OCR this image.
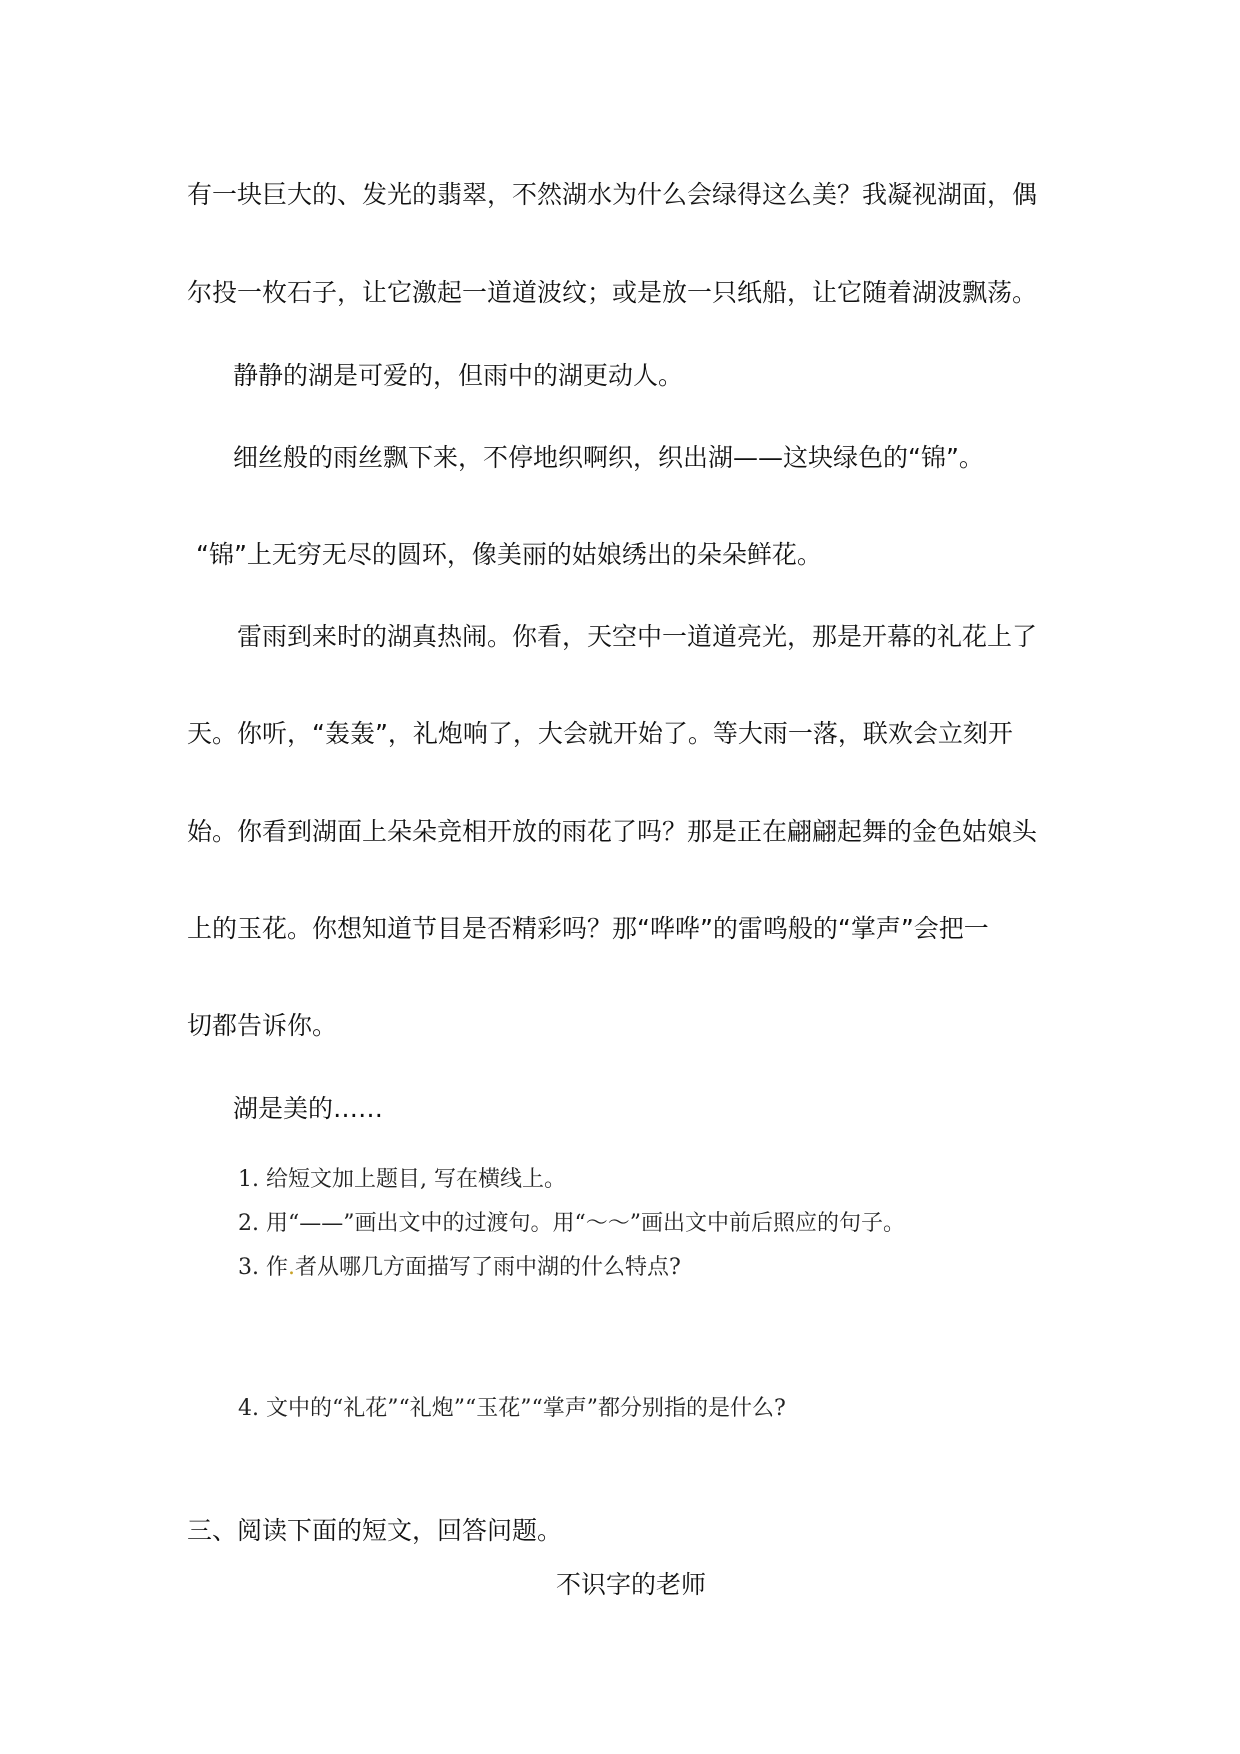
有一块巨大的、发光的翡翠，不然湖水为什么会绿得这么美？我凝视湖面，偶
尔投一枚石子，让它激起一道道波纹；或是放一只纸船，让它随着湖波飘荡。
静静的湖是可爱的，但雨中的湖更动人。
细丝般的雨丝飘下来，不停地织啊织，织出湖——这块绿色的“锦”。
“锦”上无穷无尽的圆环，像美丽的姑娘绣出的朵朵鲜花。
雷雨到来时的湖真热闹。你看，天空中一道道亮光，那是开幕的礼花上了
天。你听，“轰轰”，礼炮响了，大会就开始了。等大雨一落，联欢会立刻开
始。你看到湖面上朵朵竞相开放的雨花了吗？那是正在翩翩起舞的金色姑娘头
上的玉花。你想知道节目是否精彩吗？那“哗哗”的雷鸣般的“掌声”会把一
切都告诉你。
湖是美的……
1. 给短文加上题目, 写在横线上。
2. 用“——”画出文中的过渡句。用“～～”画出文中前后照应的句子。
3. 作.者从哪几方面描写了雨中湖的什么特点?
4. 文中的“礼花”“礼炮”“玉花”“掌声”都分别指的是什么?
三、阅读下面的短文，回答问题。
不识字的老师
